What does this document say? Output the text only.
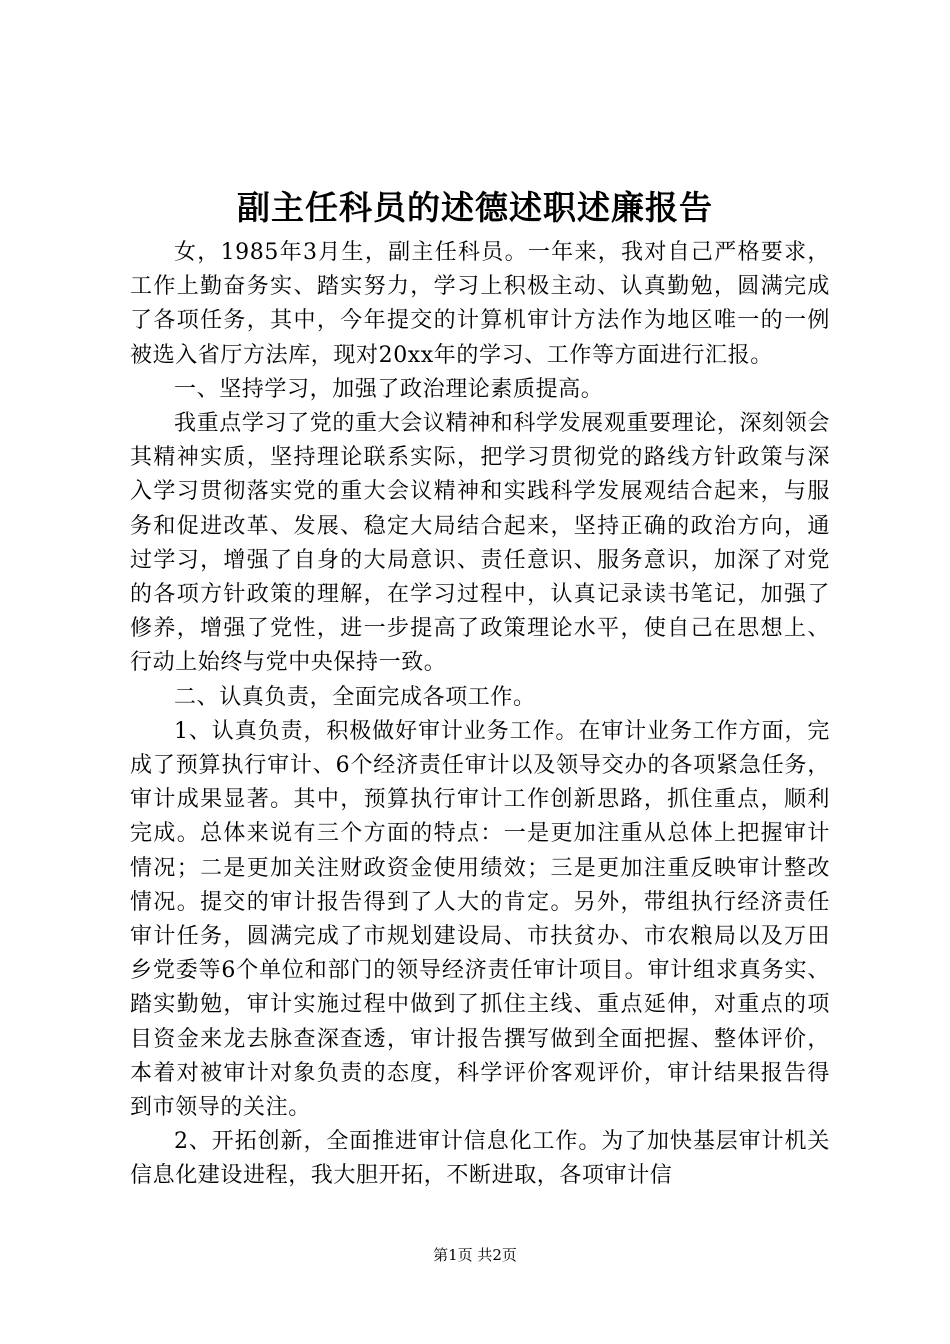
副主任科员的述德述职述廉报告

女，1985年3月生，副主任科员。一年来，我对自己严格要求，工作上勤奋务实、踏实努力，学习上积极主动、认真勤勉，圆满完成了各项任务，其中，今年提交的计算机审计方法作为地区唯一的一例被选入省厅方法库，现对20xx年的学习、工作等方面进行汇报。

一、坚持学习，加强了政治理论素质提高。

我重点学习了党的重大会议精神和科学发展观重要理论，深刻领会其精神实质，坚持理论联系实际，把学习贯彻党的路线方针政策与深入学习贯彻落实党的重大会议精神和实践科学发展观结合起来，与服务和促进改革、发展、稳定大局结合起来，坚持正确的政治方向，通过学习，增强了自身的大局意识、责任意识、服务意识，加深了对党的各项方针政策的理解，在学习过程中，认真记录读书笔记，加强了修养，增强了党性，进一步提高了政策理论水平，使自己在思想上、行动上始终与党中央保持一致。

二、认真负责，全面完成各项工作。

1、认真负责，积极做好审计业务工作。在审计业务工作方面，完成了预算执行审计、6个经济责任审计以及领导交办的各项紧急任务，审计成果显著。其中，预算执行审计工作创新思路，抓住重点，顺利完成。总体来说有三个方面的特点：一是更加注重从总体上把握审计情况；二是更加关注财政资金使用绩效；三是更加注重反映审计整改情况。提交的审计报告得到了人大的肯定。另外，带组执行经济责任审计任务，圆满完成了市规划建设局、市扶贫办、市农粮局以及万田乡党委等6个单位和部门的领导经济责任审计项目。审计组求真务实、踏实勤勉，审计实施过程中做到了抓住主线、重点延伸，对重点的项目资金来龙去脉查深查透，审计报告撰写做到全面把握、整体评价，本着对被审计对象负责的态度，科学评价客观评价，审计结果报告得到市领导的关注。

2、开拓创新，全面推进审计信息化工作。为了加快基层审计机关信息化建设进程，我大胆开拓，不断进取，各项审计信

第1页 共2页
